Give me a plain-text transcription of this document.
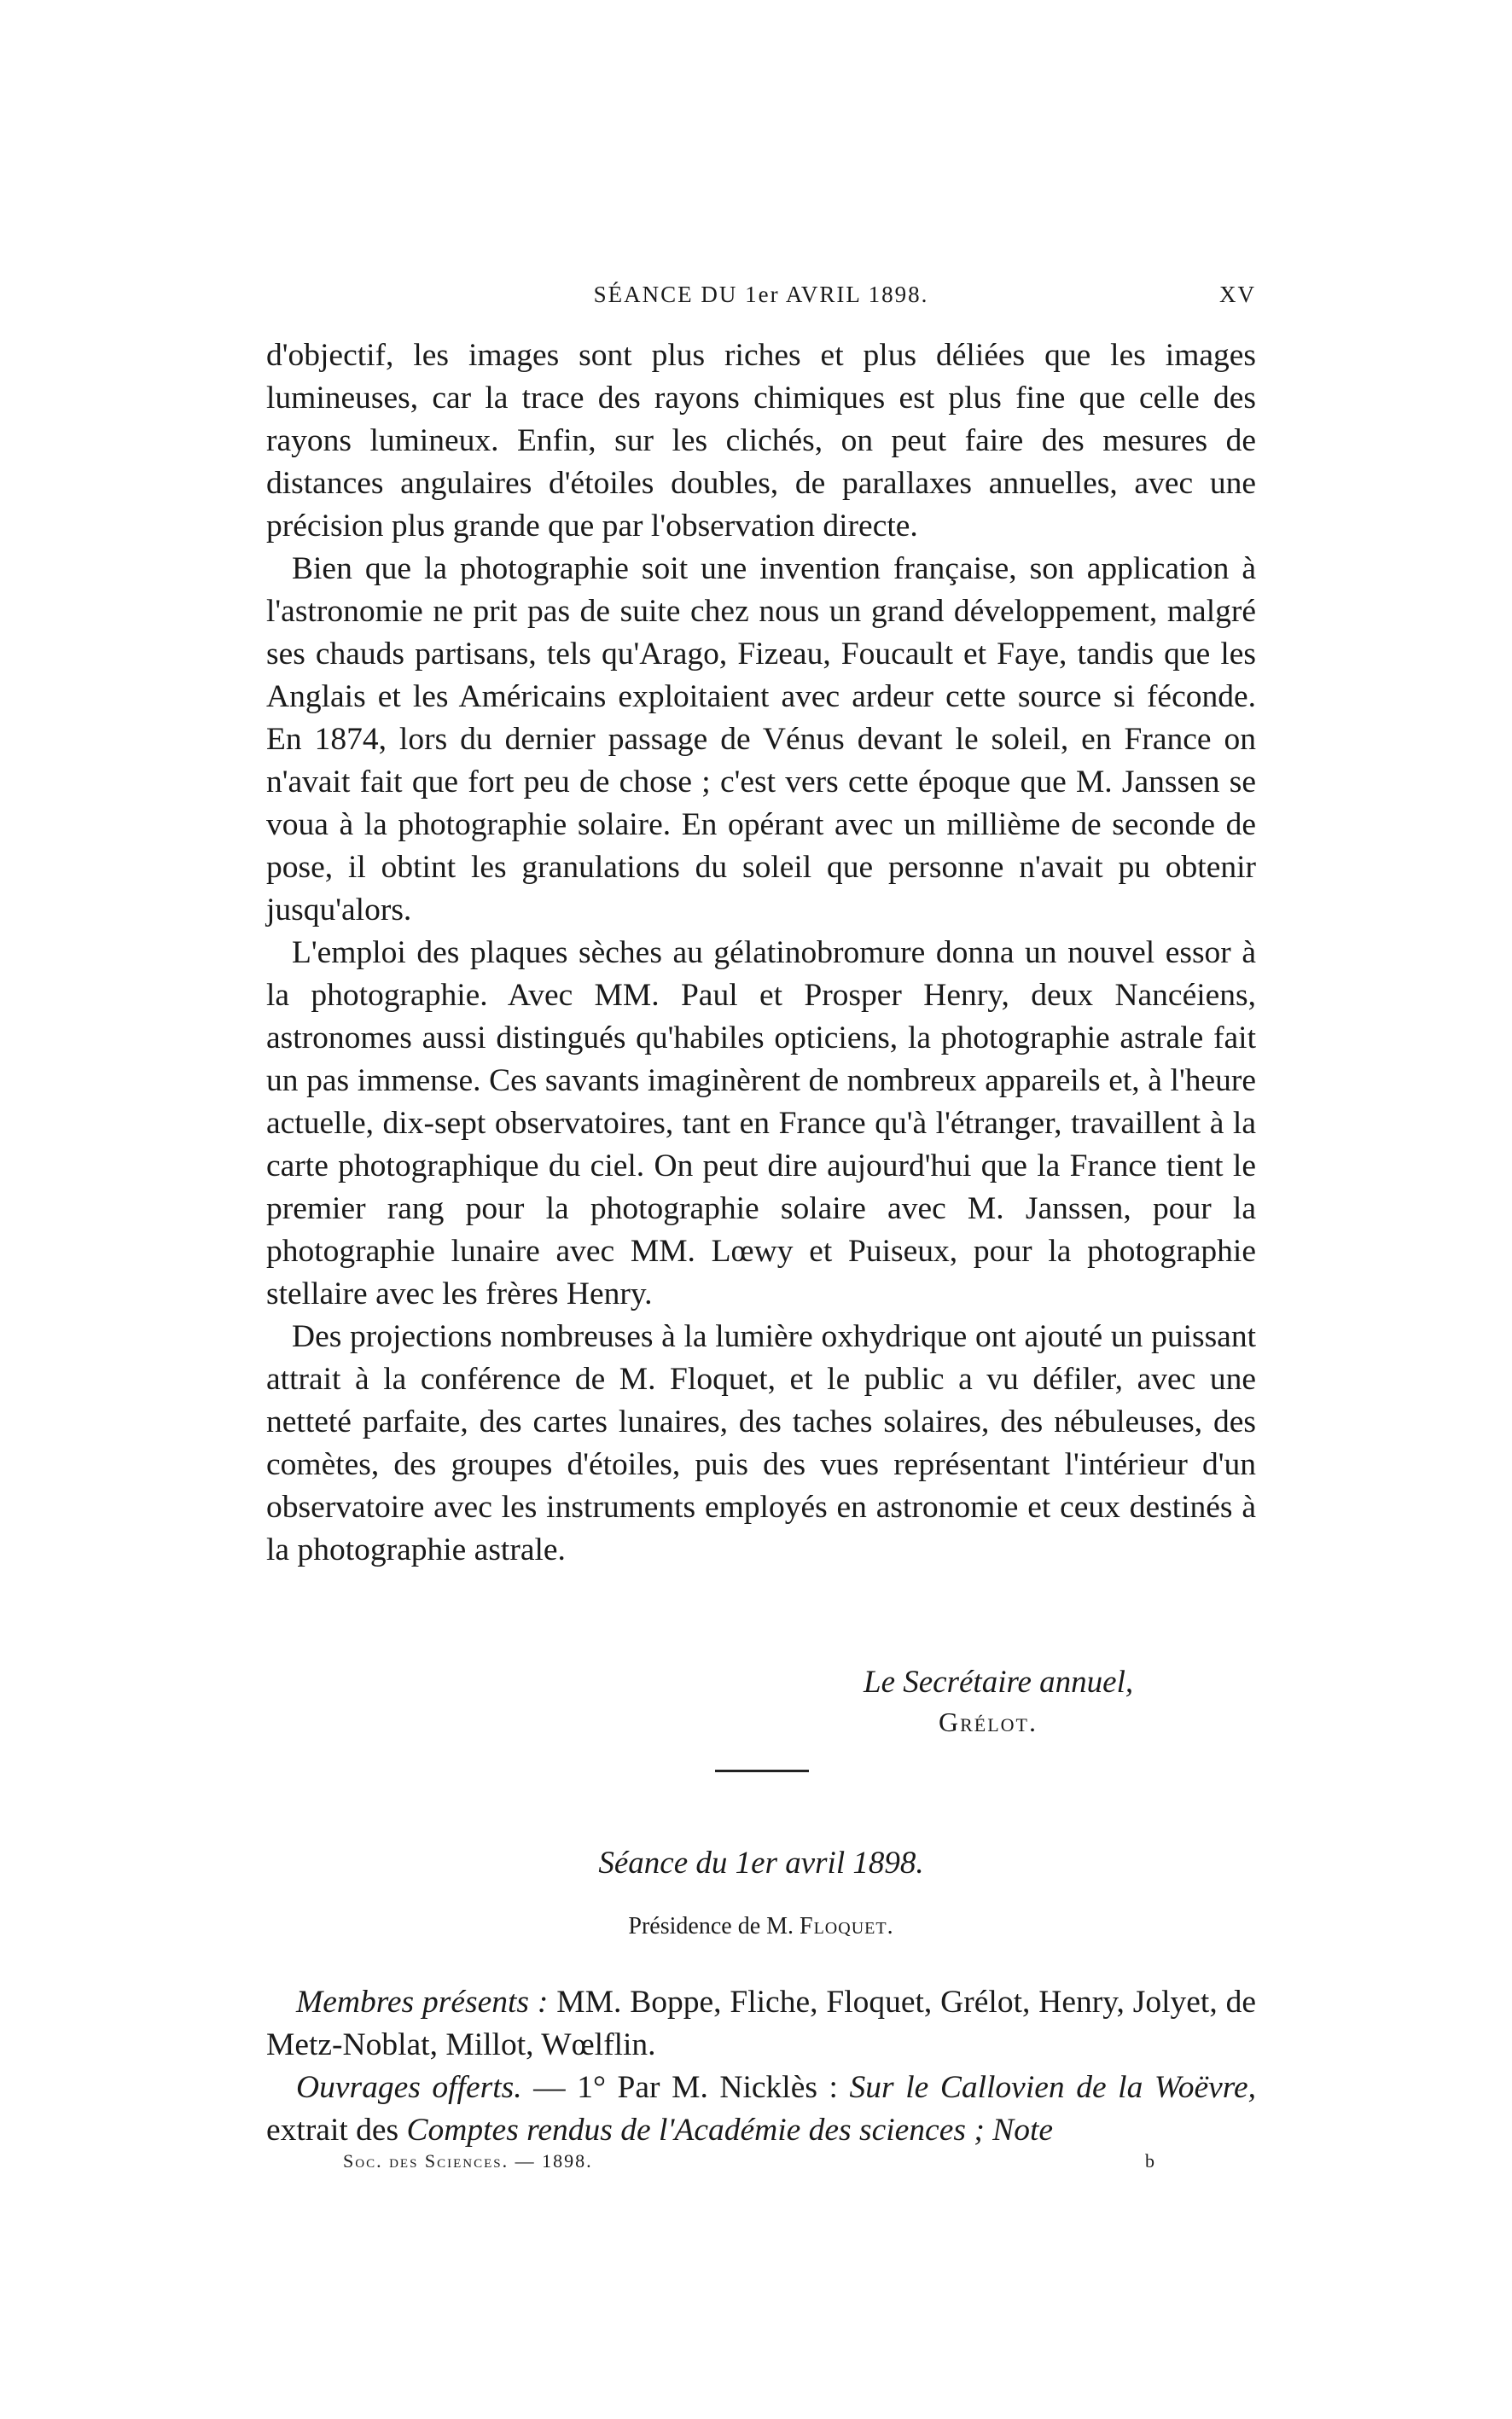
SÉANCE DU 1er AVRIL 1898.	XV

d'objectif, les images sont plus riches et plus déliées que les images lumineuses, car la trace des rayons chimiques est plus fine que celle des rayons lumineux. Enfin, sur les clichés, on peut faire des mesures de distances angulaires d'étoiles doubles, de parallaxes annuelles, avec une précision plus grande que par l'observation directe.

Bien que la photographie soit une invention française, son application à l'astronomie ne prit pas de suite chez nous un grand développement, malgré ses chauds partisans, tels qu'Arago, Fizeau, Foucault et Faye, tandis que les Anglais et les Américains exploitaient avec ardeur cette source si féconde. En 1874, lors du dernier passage de Vénus devant le soleil, en France on n'avait fait que fort peu de chose ; c'est vers cette époque que M. Janssen se voua à la photographie solaire. En opérant avec un millième de seconde de pose, il obtint les granulations du soleil que personne n'avait pu obtenir jusqu'alors.

L'emploi des plaques sèches au gélatinobromure donna un nouvel essor à la photographie. Avec MM. Paul et Prosper Henry, deux Nancéiens, astronomes aussi distingués qu'habiles opticiens, la photographie astrale fait un pas immense. Ces savants imaginèrent de nombreux appareils et, à l'heure actuelle, dix-sept observatoires, tant en France qu'à l'étranger, travaillent à la carte photographique du ciel. On peut dire aujourd'hui que la France tient le premier rang pour la photographie solaire avec M. Janssen, pour la photographie lunaire avec MM. Lœwy et Puiseux, pour la photographie stellaire avec les frères Henry.

Des projections nombreuses à la lumière oxhydrique ont ajouté un puissant attrait à la conférence de M. Floquet, et le public a vu défiler, avec une netteté parfaite, des cartes lunaires, des taches solaires, des nébuleuses, des comètes, des groupes d'étoiles, puis des vues représentant l'intérieur d'un observatoire avec les instruments employés en astronomie et ceux destinés à la photographie astrale.

Le Secrétaire annuel,
Grélot.
Séance du 1er avril 1898.
Présidence de M. Floquet.

Membres présents : MM. Boppe, Fliche, Floquet, Grélot, Henry, Jolyet, de Metz-Noblat, Millot, Wœlflin.

Ouvrages offerts. — 1° Par M. Nicklès : Sur le Callovien de la Woëvre, extrait des Comptes rendus de l'Académie des sciences ; Note

Soc. des Sciences. — 1898.	b
